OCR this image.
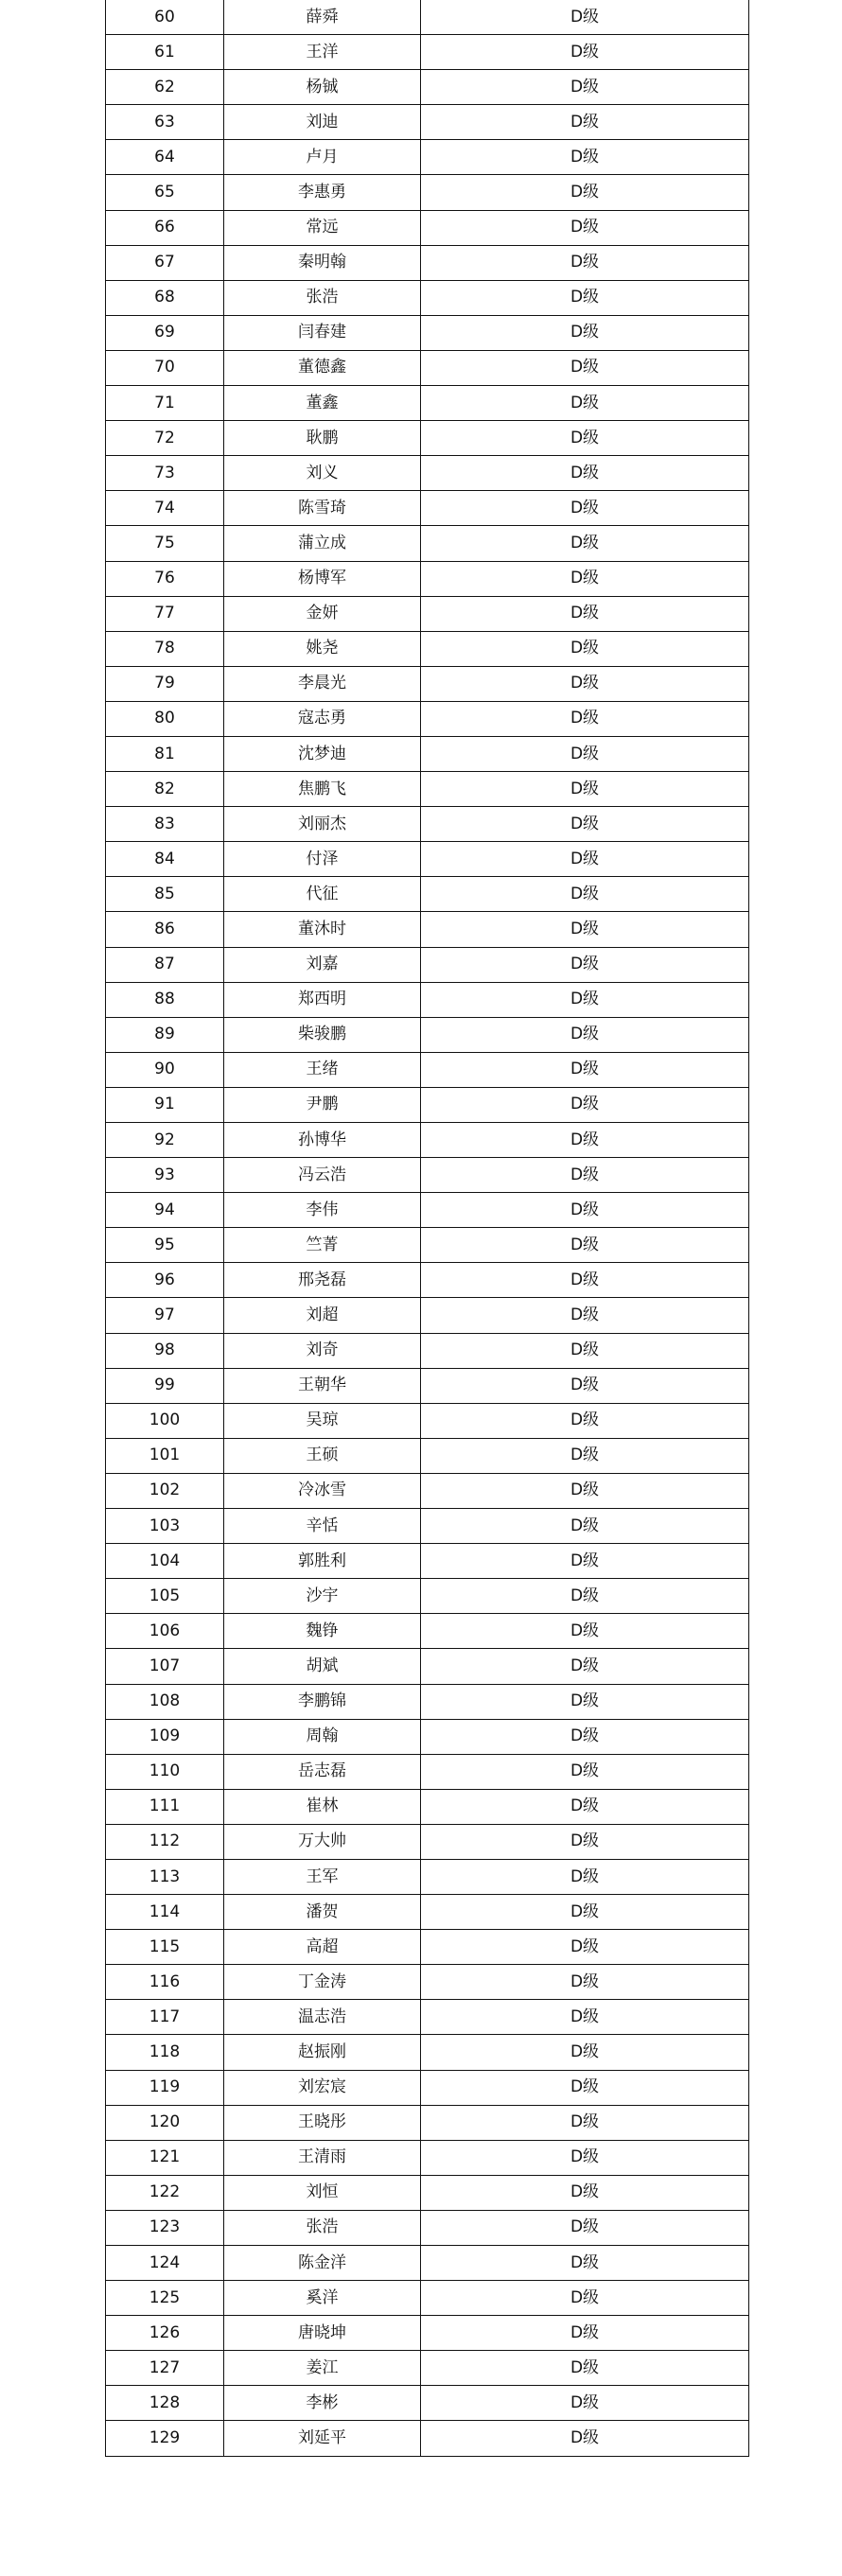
60	薛舜	D级
61	王洋	D级
62	杨铖	D级
63	刘迪	D级
64	卢月	D级
65	李惠勇	D级
66	常远	D级
67	秦明翰	D级
68	张浩	D级
69	闫春建	D级
70	董德鑫	D级
71	董鑫	D级
72	耿鹏	D级
73	刘义	D级
74	陈雪琦	D级
75	蒲立成	D级
76	杨博军	D级
77	金妍	D级
78	姚尧	D级
79	李晨光	D级
80	寇志勇	D级
81	沈梦迪	D级
82	焦鹏飞	D级
83	刘丽杰	D级
84	付泽	D级
85	代征	D级
86	董沐时	D级
87	刘嘉	D级
88	郑西明	D级
89	柴骏鹏	D级
90	王绪	D级
91	尹鹏	D级
92	孙博华	D级
93	冯云浩	D级
94	李伟	D级
95	竺菁	D级
96	邢尧磊	D级
97	刘超	D级
98	刘奇	D级
99	王朝华	D级
100	吴琼	D级
101	王硕	D级
102	冷冰雪	D级
103	辛恬	D级
104	郭胜利	D级
105	沙宇	D级
106	魏铮	D级
107	胡斌	D级
108	李鹏锦	D级
109	周翰	D级
110	岳志磊	D级
111	崔林	D级
112	万大帅	D级
113	王军	D级
114	潘贺	D级
115	高超	D级
116	丁金涛	D级
117	温志浩	D级
118	赵振刚	D级
119	刘宏宸	D级
120	王晓彤	D级
121	王清雨	D级
122	刘恒	D级
123	张浩	D级
124	陈金洋	D级
125	奚洋	D级
126	唐晓坤	D级
127	姜江	D级
128	李彬	D级
129	刘延平	D级
